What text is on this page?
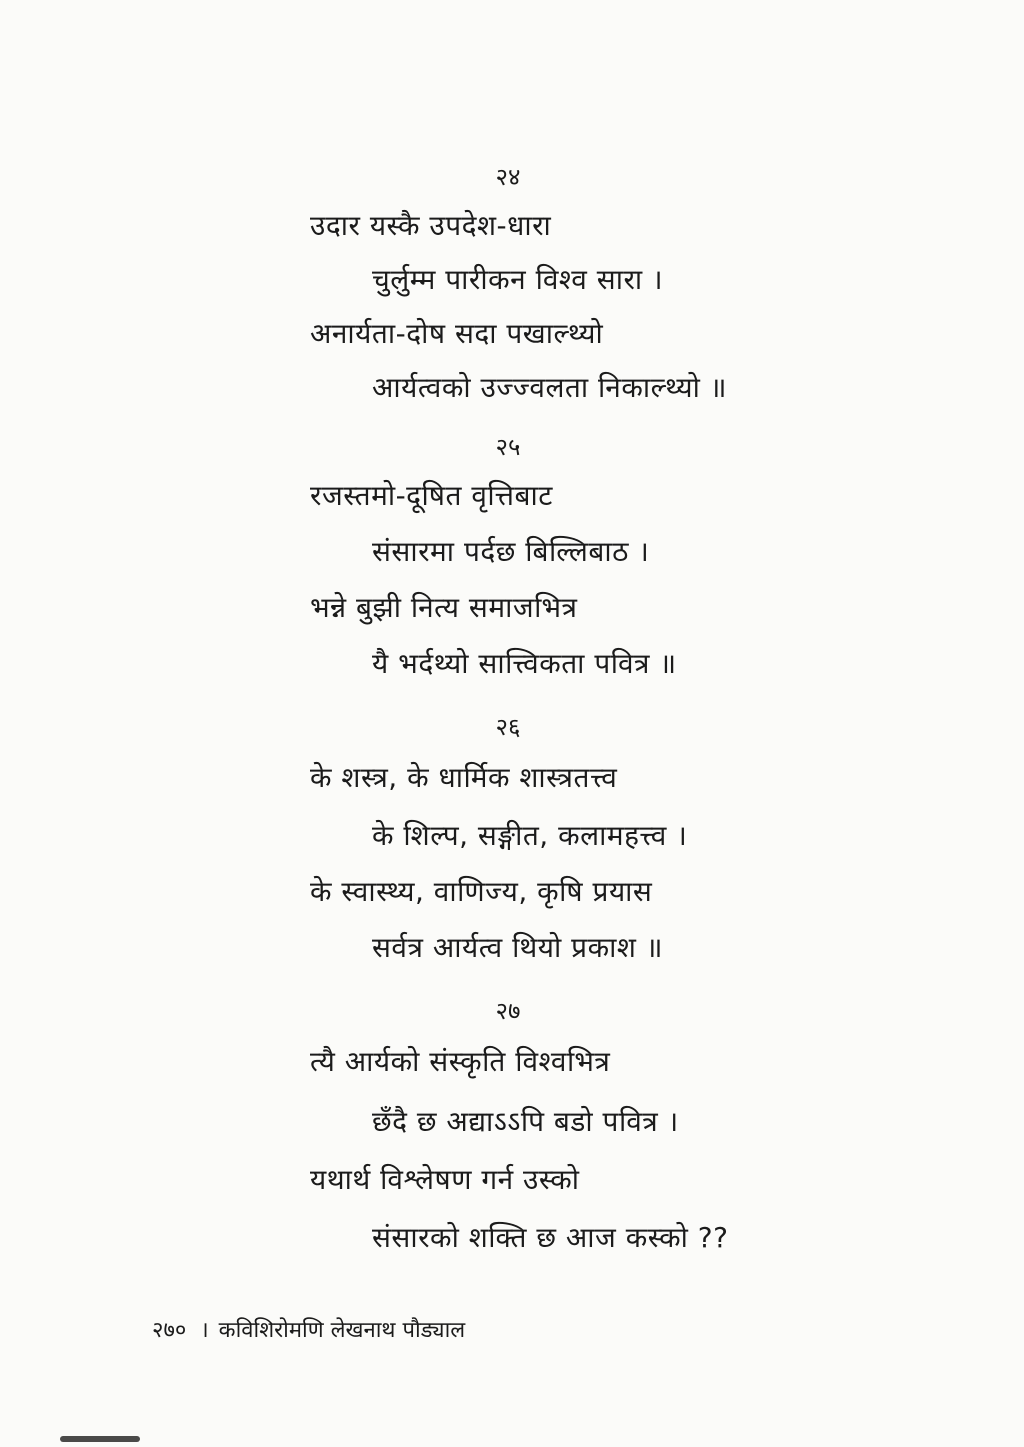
२४
उदार यस्कै उपदेश-धारा
चुर्लुम्म पारीकन विश्व सारा ।
अनार्यता-दोष सदा पखाल्थ्यो
आर्यत्वको उज्ज्वलता निकाल्थ्यो ॥
२५
रजस्तमो-दूषित वृत्तिबाट
संसारमा पर्दछ बिल्लिबाठ ।
भन्ने बुझी नित्य समाजभित्र
यै भर्दथ्यो सात्त्विकता पवित्र ॥
२६
के शस्त्र, के धार्मिक शास्त्रतत्त्व
के शिल्प, सङ्गीत, कलामहत्त्व ।
के स्वास्थ्य, वाणिज्य, कृषि प्रयास
सर्वत्र आर्यत्व थियो प्रकाश ॥
२७
त्यै आर्यको संस्कृति विश्वभित्र
छँदै छ अद्याऽऽपि बडो पवित्र ।
यथार्थ विश्लेषण गर्न उस्को
संसारको शक्ति छ आज कस्को ??
२७० । कविशिरोमणि लेखनाथ पौड्याल
